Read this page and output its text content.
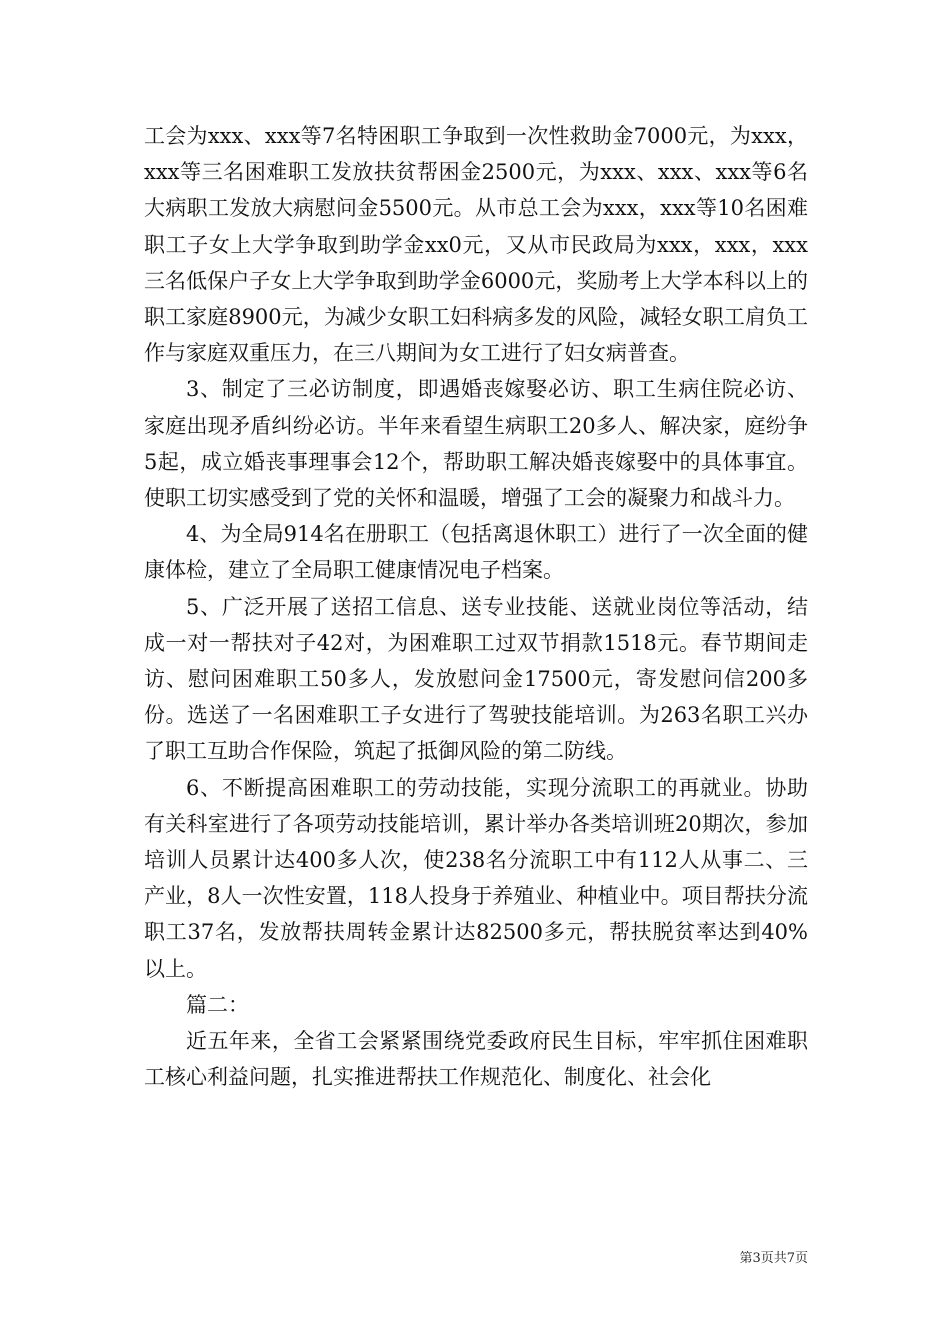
工会为xxx、xxx等7名特困职工争取到一次性救助金7000元，为xxx，xxx等三名困难职工发放扶贫帮困金2500元，为xxx、xxx、xxx等6名大病职工发放大病慰问金5500元。从市总工会为xxx，xxx等10名困难职工子女上大学争取到助学金xx0元，又从市民政局为xxx，xxx，xxx三名低保户子女上大学争取到助学金6000元，奖励考上大学本科以上的职工家庭8900元，为减少女职工妇科病多发的风险，减轻女职工肩负工作与家庭双重压力，在三八期间为女工进行了妇女病普查。

3、制定了三必访制度，即遇婚丧嫁娶必访、职工生病住院必访、家庭出现矛盾纠纷必访。半年来看望生病职工20多人、解决家，庭纷争5起，成立婚丧事理事会12个，帮助职工解决婚丧嫁娶中的具体事宜。使职工切实感受到了党的关怀和温暖，增强了工会的凝聚力和战斗力。

4、为全局914名在册职工（包括离退休职工）进行了一次全面的健康体检，建立了全局职工健康情况电子档案。

5、广泛开展了送招工信息、送专业技能、送就业岗位等活动，结成一对一帮扶对子42对，为困难职工过双节捐款1518元。春节期间走访、慰问困难职工50多人，发放慰问金17500元，寄发慰问信200多份。选送了一名困难职工子女进行了驾驶技能培训。为263名职工兴办了职工互助合作保险，筑起了抵御风险的第二防线。

6、不断提高困难职工的劳动技能，实现分流职工的再就业。协助有关科室进行了各项劳动技能培训，累计举办各类培训班20期次，参加培训人员累计达400多人次，使238名分流职工中有112人从事二、三产业，8人一次性安置，118人投身于养殖业、种植业中。项目帮扶分流职工37名，发放帮扶周转金累计达82500多元，帮扶脱贫率达到40%以上。

篇二：

近五年来，全省工会紧紧围绕党委政府民生目标，牢牢抓住困难职工核心利益问题，扎实推进帮扶工作规范化、制度化、社会化

第3页共7页
